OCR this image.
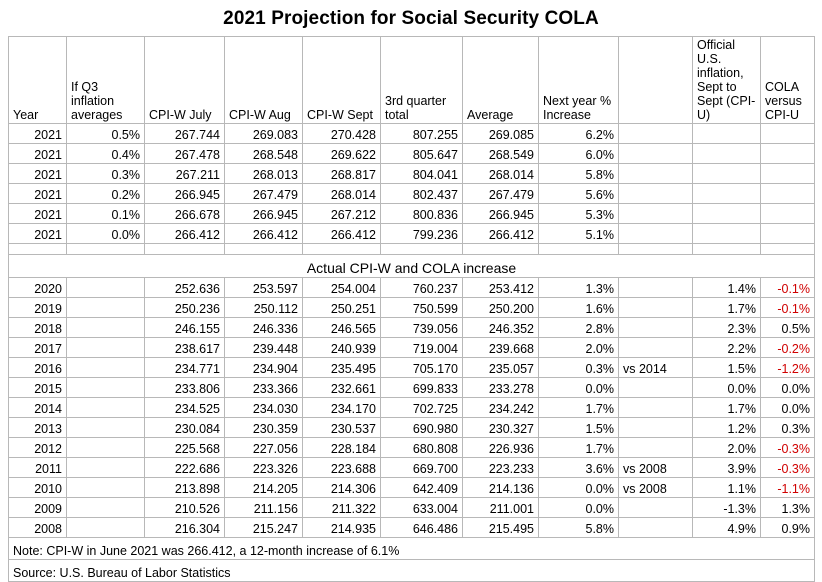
2021 Projection for Social Security COLA
Year	If Q3 inflation averages	CPI-W July	CPI-W Aug	CPI-W Sept	3rd quarter total	Average	Next year % Increase		Official U.S. inflation, Sept to Sept (CPI-U)	COLA versus CPI-U
2021	0.5%	267.744	269.083	270.428	807.255	269.085	6.2%			
2021	0.4%	267.478	268.548	269.622	805.647	268.549	6.0%			
2021	0.3%	267.211	268.013	268.817	804.041	268.014	5.8%			
2021	0.2%	266.945	267.479	268.014	802.437	267.479	5.6%			
2021	0.1%	266.678	266.945	267.212	800.836	266.945	5.3%			
2021	0.0%	266.412	266.412	266.412	799.236	266.412	5.1%			

Actual CPI-W and COLA increase										
2020		252.636	253.597	254.004	760.237	253.412	1.3%		1.4%	-0.1%
2019		250.236	250.112	250.251	750.599	250.200	1.6%		1.7%	-0.1%
2018		246.155	246.336	246.565	739.056	246.352	2.8%		2.3%	0.5%
2017		238.617	239.448	240.939	719.004	239.668	2.0%		2.2%	-0.2%
2016		234.771	234.904	235.495	705.170	235.057	0.3%	vs 2014	1.5%	-1.2%
2015		233.806	233.366	232.661	699.833	233.278	0.0%		0.0%	0.0%
2014		234.525	234.030	234.170	702.725	234.242	1.7%		1.7%	0.0%
2013		230.084	230.359	230.537	690.980	230.327	1.5%		1.2%	0.3%
2012		225.568	227.056	228.184	680.808	226.936	1.7%		2.0%	-0.3%
2011		222.686	223.326	223.688	669.700	223.233	3.6%	vs 2008	3.9%	-0.3%
2010		213.898	214.205	214.306	642.409	214.136	0.0%	vs 2008	1.1%	-1.1%
2009		210.526	211.156	211.322	633.004	211.001	0.0%		-1.3%	1.3%
2008		216.304	215.247	214.935	646.486	215.495	5.8%		4.9%	0.9%
Note: CPI-W in June 2021 was 266.412, a 12-month increase of 6.1%										
Source: U.S. Bureau of Labor Statistics										
